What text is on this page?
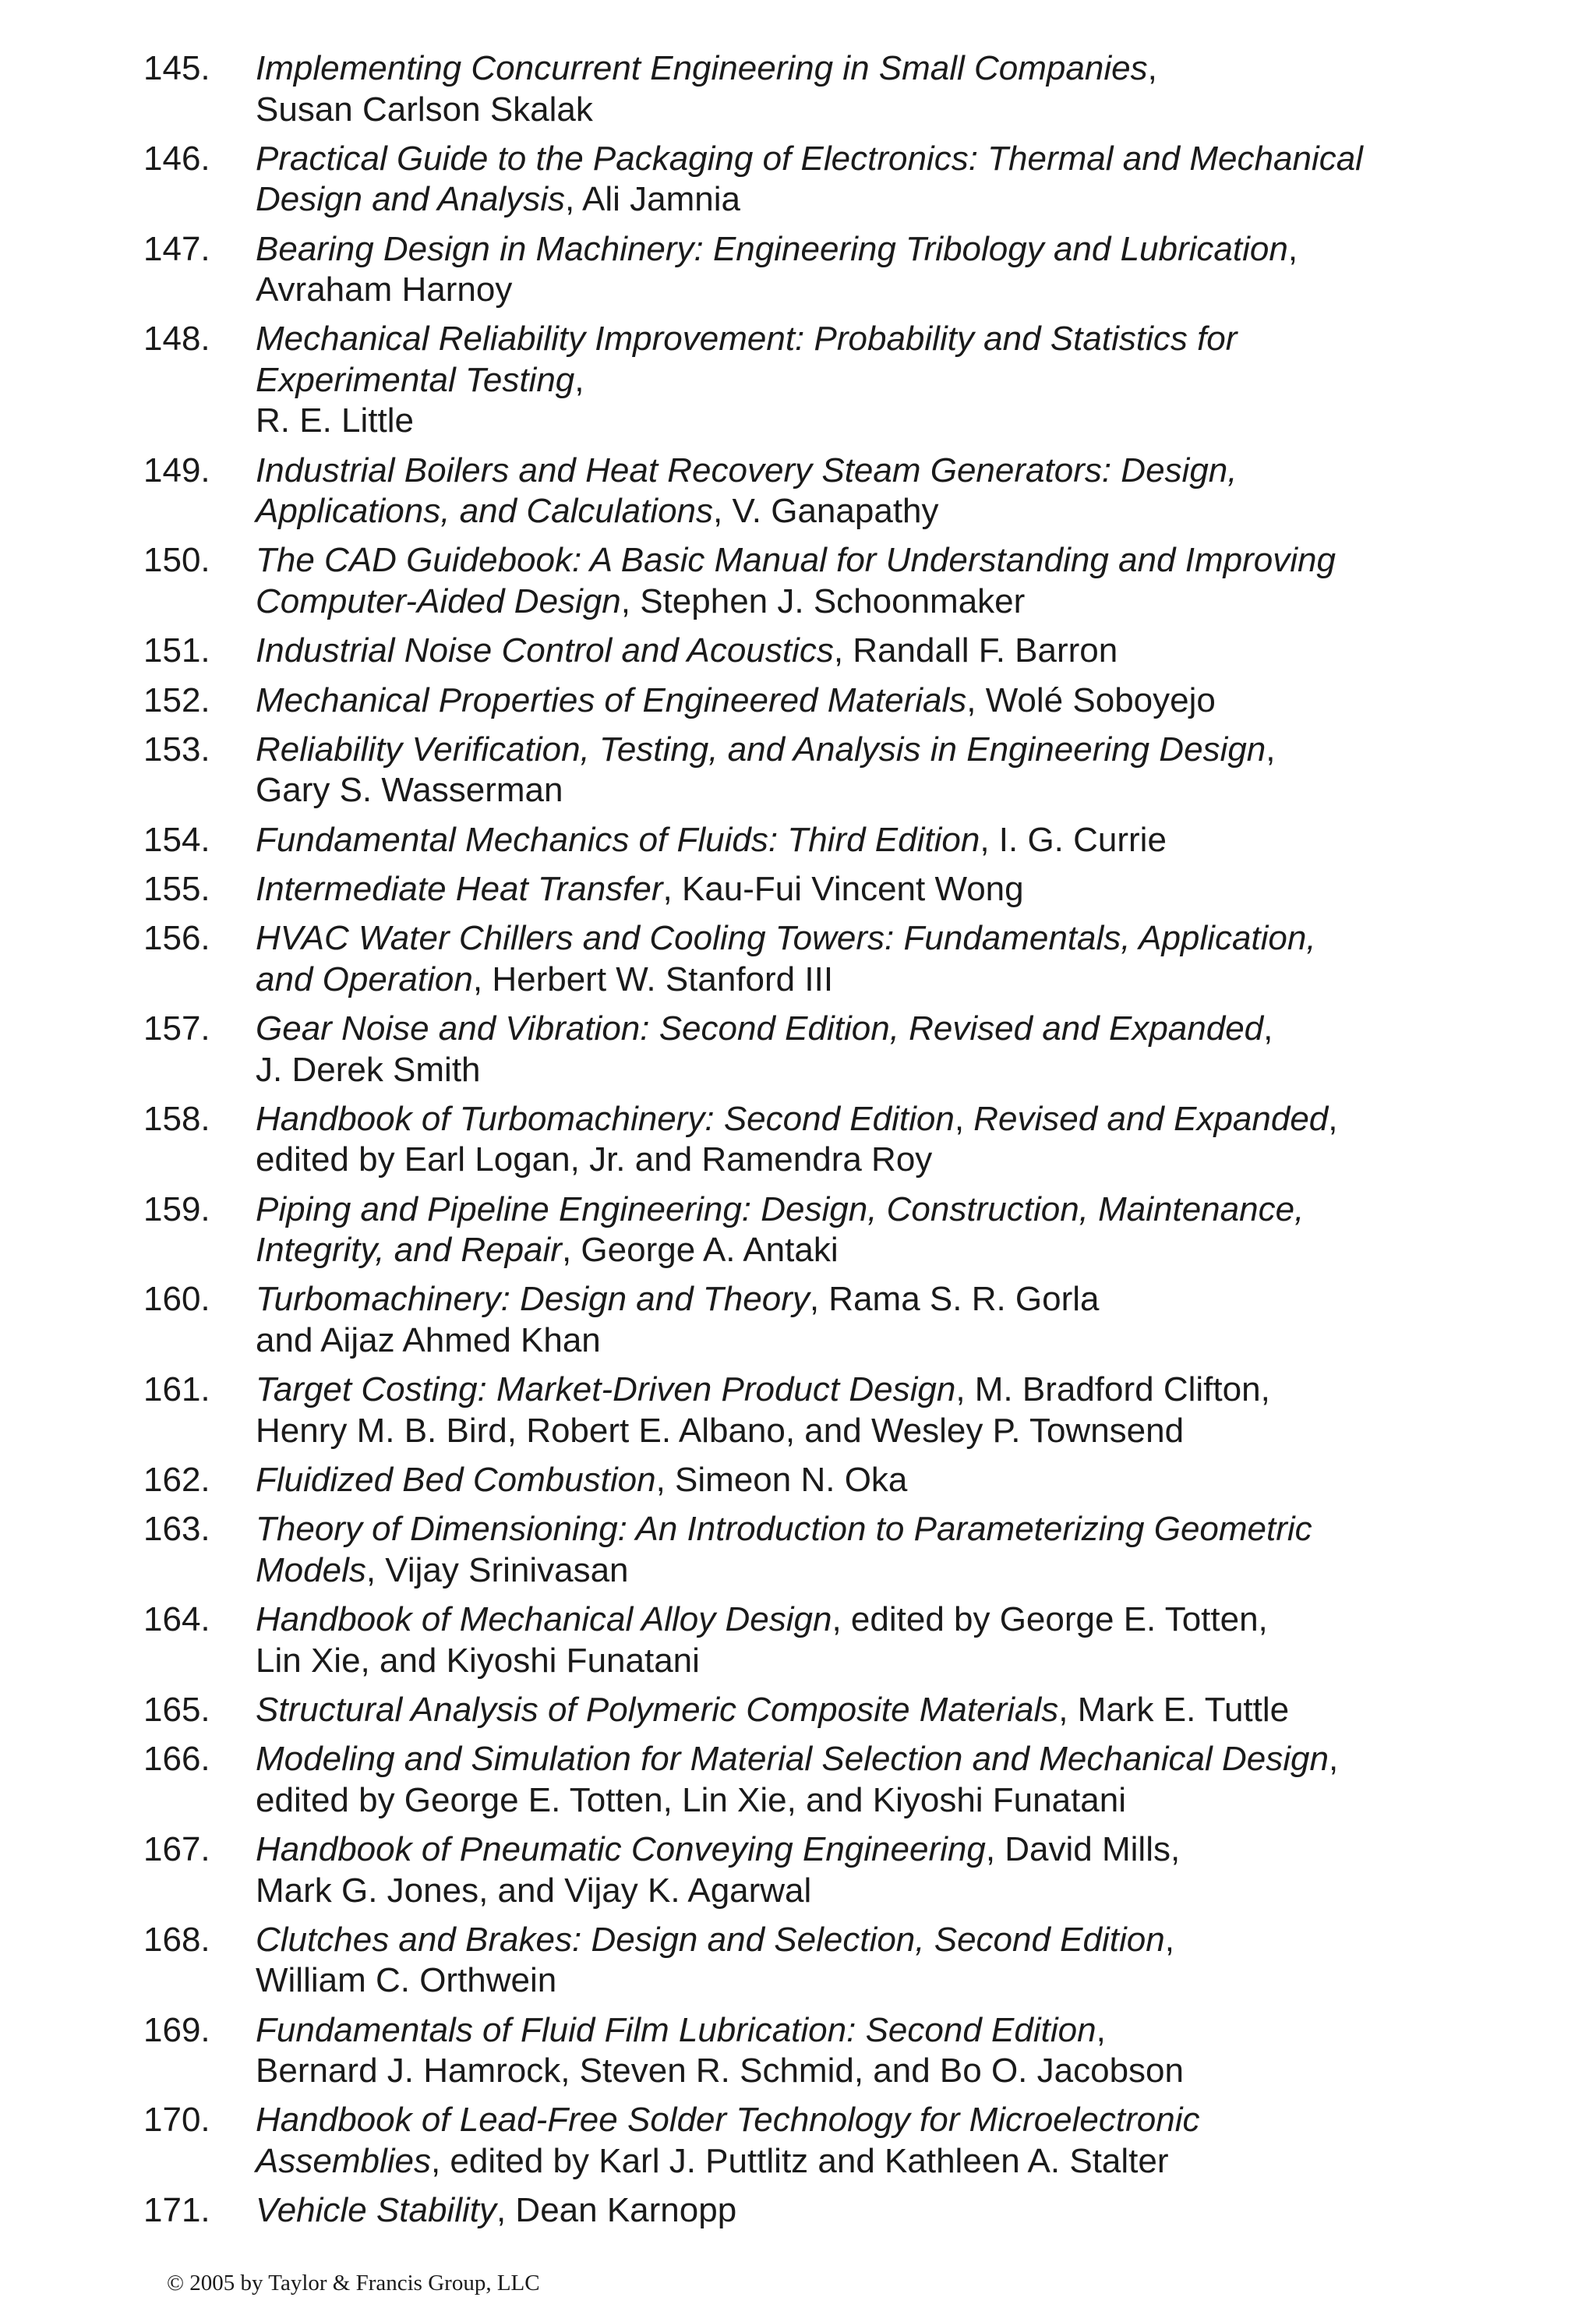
145. Implementing Concurrent Engineering in Small Companies,
Susan Carlson Skalak
146. Practical Guide to the Packaging of Electronics: Thermal and Mechanical
Design and Analysis, Ali Jamnia
147. Bearing Design in Machinery: Engineering Tribology and Lubrication,
Avraham Harnoy
148. Mechanical Reliability Improvement: Probability and Statistics for
Experimental Testing,
R. E. Little
149. Industrial Boilers and Heat Recovery Steam Generators: Design,
Applications, and Calculations, V. Ganapathy
150. The CAD Guidebook: A Basic Manual for Understanding and Improving
Computer-Aided Design, Stephen J. Schoonmaker
151. Industrial Noise Control and Acoustics, Randall F. Barron
152. Mechanical Properties of Engineered Materials, Wolé Soboyejo
153. Reliability Verification, Testing, and Analysis in Engineering Design,
Gary S. Wasserman
154. Fundamental Mechanics of Fluids: Third Edition, I. G. Currie
155. Intermediate Heat Transfer, Kau-Fui Vincent Wong
156. HVAC Water Chillers and Cooling Towers: Fundamentals, Application,
and Operation, Herbert W. Stanford III
157. Gear Noise and Vibration: Second Edition, Revised and Expanded,
J. Derek Smith
158. Handbook of Turbomachinery: Second Edition, Revised and Expanded,
edited by Earl Logan, Jr. and Ramendra Roy
159. Piping and Pipeline Engineering: Design, Construction, Maintenance,
Integrity, and Repair, George A. Antaki
160. Turbomachinery: Design and Theory, Rama S. R. Gorla
and Aijaz Ahmed Khan
161. Target Costing: Market-Driven Product Design, M. Bradford Clifton,
Henry M. B. Bird, Robert E. Albano, and Wesley P. Townsend
162. Fluidized Bed Combustion, Simeon N. Oka
163. Theory of Dimensioning: An Introduction to Parameterizing Geometric
Models, Vijay Srinivasan
164. Handbook of Mechanical Alloy Design, edited by George E. Totten,
Lin Xie, and Kiyoshi Funatani
165. Structural Analysis of Polymeric Composite Materials, Mark E. Tuttle
166. Modeling and Simulation for Material Selection and Mechanical Design,
edited by George E. Totten, Lin Xie, and Kiyoshi Funatani
167. Handbook of Pneumatic Conveying Engineering, David Mills,
Mark G. Jones, and Vijay K. Agarwal
168. Clutches and Brakes: Design and Selection, Second Edition,
William C. Orthwein
169. Fundamentals of Fluid Film Lubrication: Second Edition,
Bernard J. Hamrock, Steven R. Schmid, and Bo O. Jacobson
170. Handbook of Lead-Free Solder Technology for Microelectronic
Assemblies, edited by Karl J. Puttlitz and Kathleen A. Stalter
171. Vehicle Stability, Dean Karnopp
© 2005 by Taylor & Francis Group, LLC
